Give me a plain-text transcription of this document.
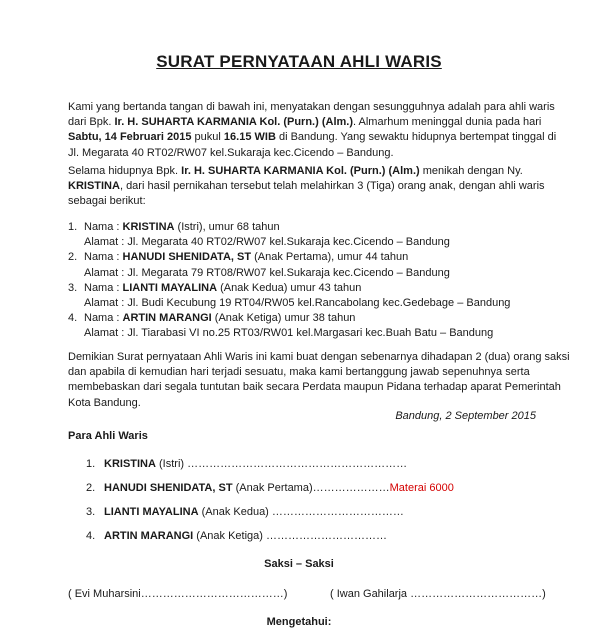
SURAT PERNYATAAN AHLI WARIS
Kami yang bertanda tangan di bawah ini, menyatakan dengan sesungguhnya adalah para ahli waris
dari Bpk. Ir. H. SUHARTA KARMANIA Kol. (Purn.) (Alm.). Almarhum meninggal dunia pada hari
Sabtu, 14 Februari 2015 pukul 16.15 WIB di Bandung. Yang sewaktu hidupnya bertempat tinggal di
Jl. Megarata 40 RT02/RW07 kel.Sukaraja kec.Cicendo – Bandung.
Selama hidupnya Bpk. Ir. H. SUHARTA KARMANIA Kol. (Purn.) (Alm.) menikah dengan Ny.
KRISTINA, dari hasil pernikahan tersebut telah melahirkan 3 (Tiga) orang anak, dengan ahli waris
sebagai berikut:
1. Nama : KRISTINA (Istri), umur 68 tahun
Alamat : Jl. Megarata 40 RT02/RW07 kel.Sukaraja kec.Cicendo – Bandung
2. Nama : HANUDI SHENIDATA, ST (Anak Pertama), umur 44 tahun
Alamat : Jl. Megarata 79 RT08/RW07 kel.Sukaraja kec.Cicendo – Bandung
3. Nama : LIANTI MAYALINA (Anak Kedua) umur 43 tahun
Alamat : Jl. Budi Kecubung 19 RT04/RW05 kel.Rancabolang kec.Gedebage – Bandung
4. Nama : ARTIN MARANGI (Anak Ketiga) umur 38 tahun
Alamat : Jl. Tiarabasi VI no.25 RT03/RW01 kel.Margasari kec.Buah Batu – Bandung
Demikian Surat pernyataan Ahli Waris ini kami buat dengan sebenarnya dihadapan 2 (dua) orang saksi
dan apabila di kemudian hari terjadi sesuatu, maka kami bertanggung jawab sepenuhnya serta
membebaskan dari segala tuntutan baik secara Perdata maupun Pidana terhadap aparat Pemerintah
Kota Bandung.
Bandung, 2 September 2015
Para Ahli Waris
1. KRISTINA (Istri) ……………………………………………………
2. HANUDI SHENIDATA, ST (Anak Pertama)…………………Materai 6000
3. LIANTI MAYALINA (Anak Kedua) ………………………………
4. ARTIN MARANGI (Anak Ketiga) ……………………………
Saksi – Saksi
( Evi Muharsini…………………………………)	( Iwan Gahilarja ………………………………)
Mengetahui:
